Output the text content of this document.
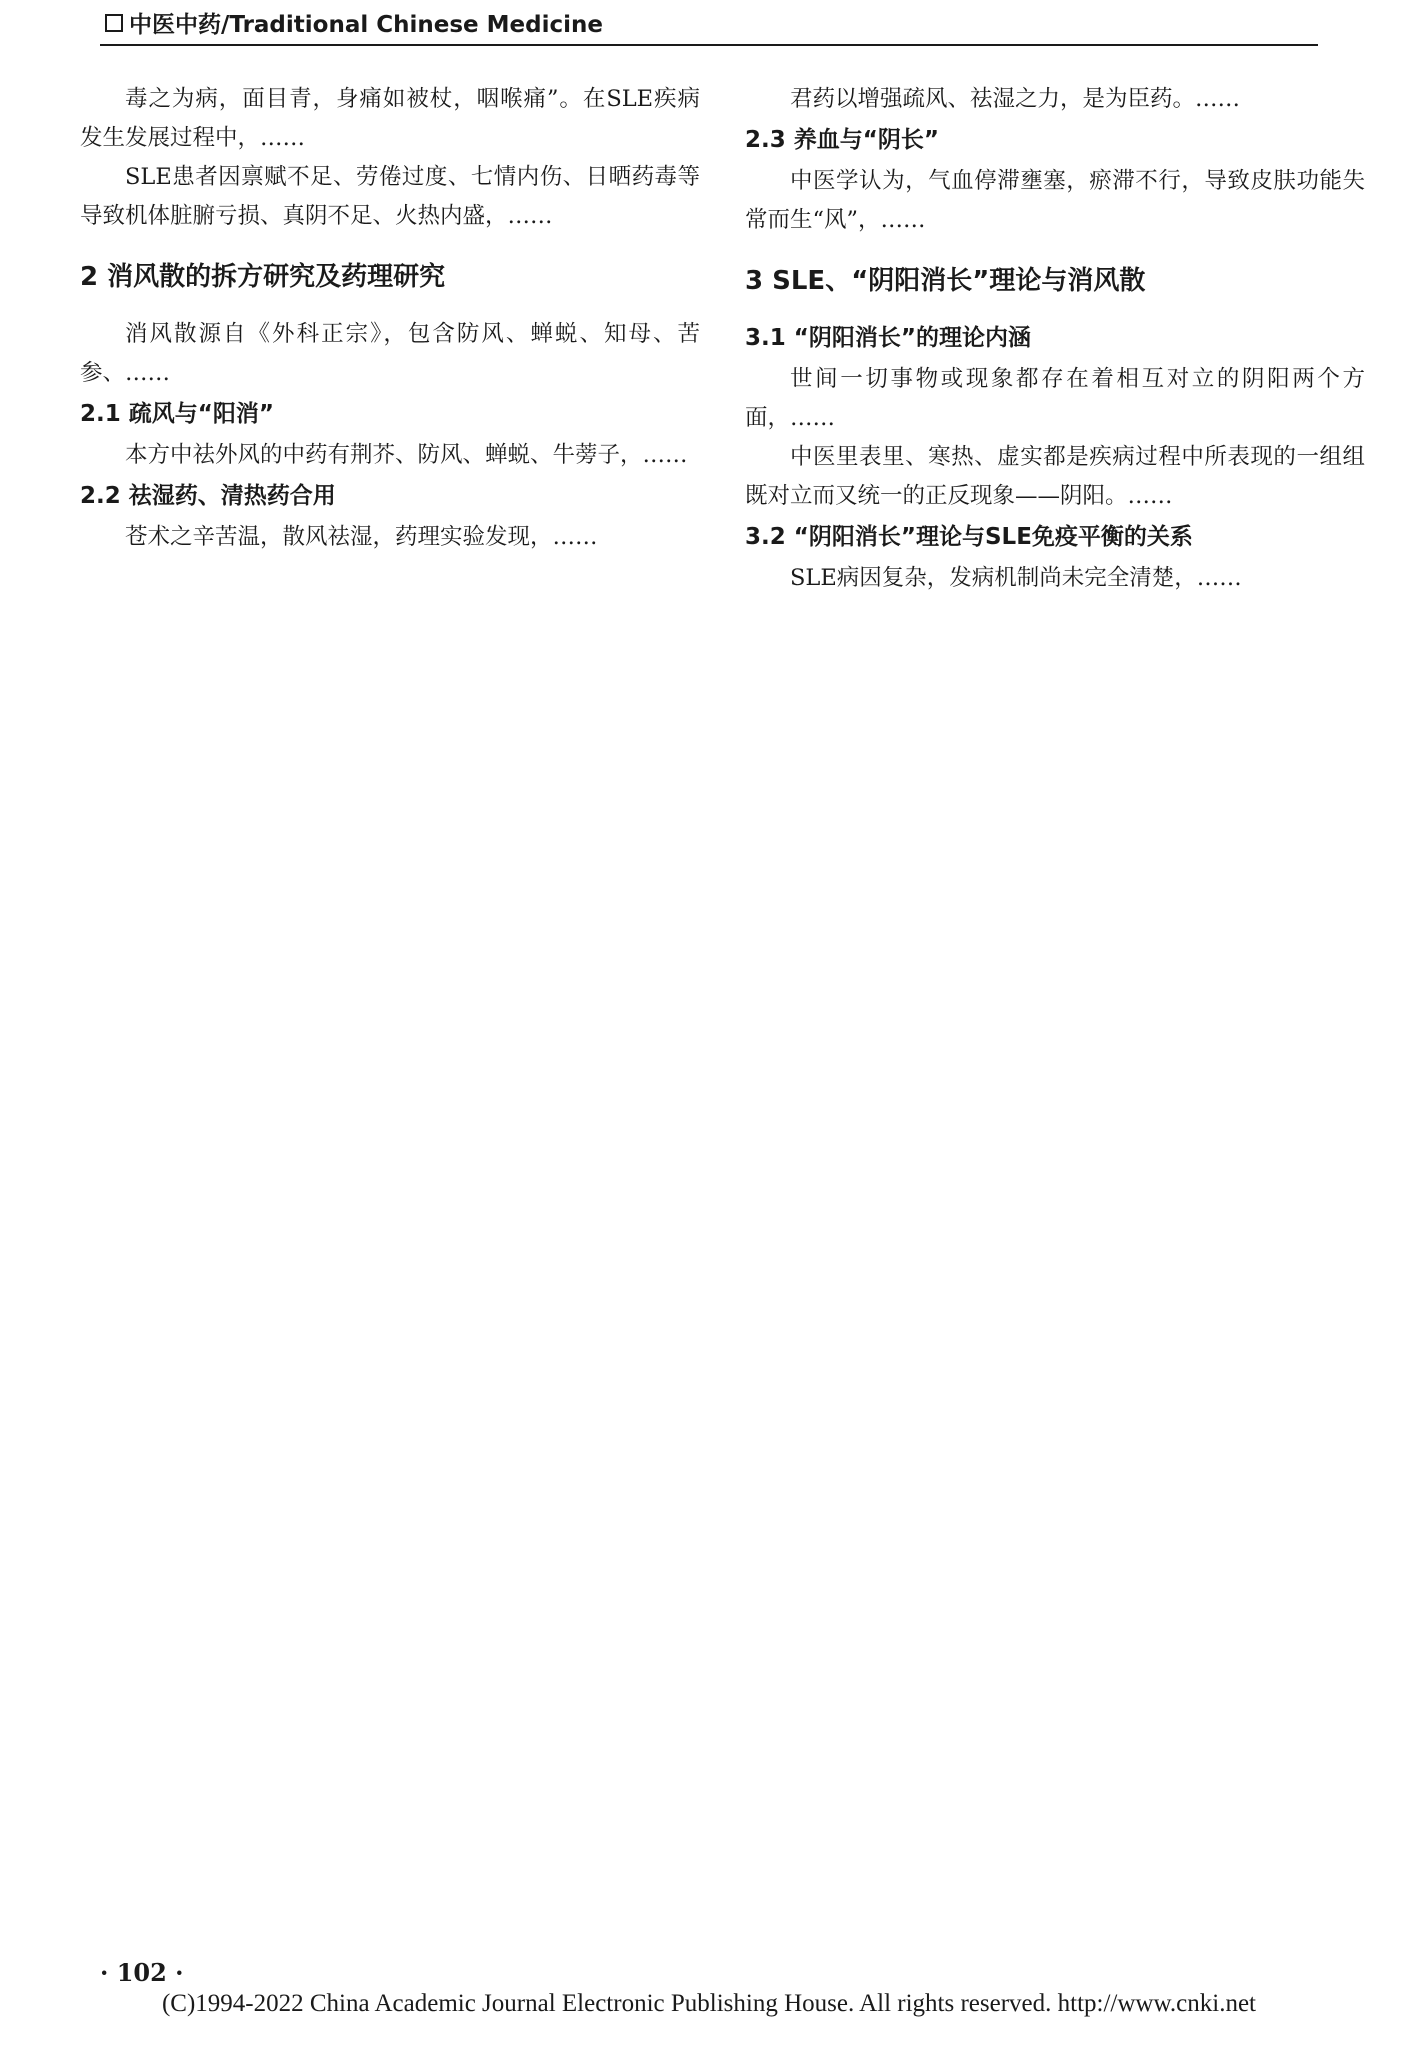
中医中药/Traditional Chinese Medicine

毒之为病，面目青，身痛如被杖，咽喉痛”。在SLE疾病发生发展过程中，……

SLE患者因禀赋不足、劳倦过度、七情内伤、日晒药毒等导致机体脏腑亏损、真阴不足、火热内盛，……

2 消风散的拆方研究及药理研究

消风散源自《外科正宗》，包含防风、蝉蜕、知母、苦参、……

2.1 疏风与“阳消”

本方中祛外风的中药有荆芥、防风、蝉蜕、牛蒡子，……

2.2 祛湿药、清热药合用

苍术之辛苦温，散风祛湿，药理实验发现，……

君药以增强疏风、祛湿之力，是为臣药。……

2.3 养血与“阴长”

中医学认为，气血停滞壅塞，瘀滞不行，导致皮肤功能失常而生“风”，……

3 SLE、“阴阳消长”理论与消风散
3.1 “阴阳消长”的理论内涵

世间一切事物或现象都存在着相互对立的阴阳两个方面，……

中医里表里、寒热、虚实都是疾病过程中所表现的一组组既对立而又统一的正反现象——阴阳。……

3.2 “阴阳消长”理论与SLE免疫平衡的关系

SLE病因复杂，发病机制尚未完全清楚，……

· 102 ·
(C)1994-2022 China Academic Journal Electronic Publishing House. All rights reserved. http://www.cnki.net
